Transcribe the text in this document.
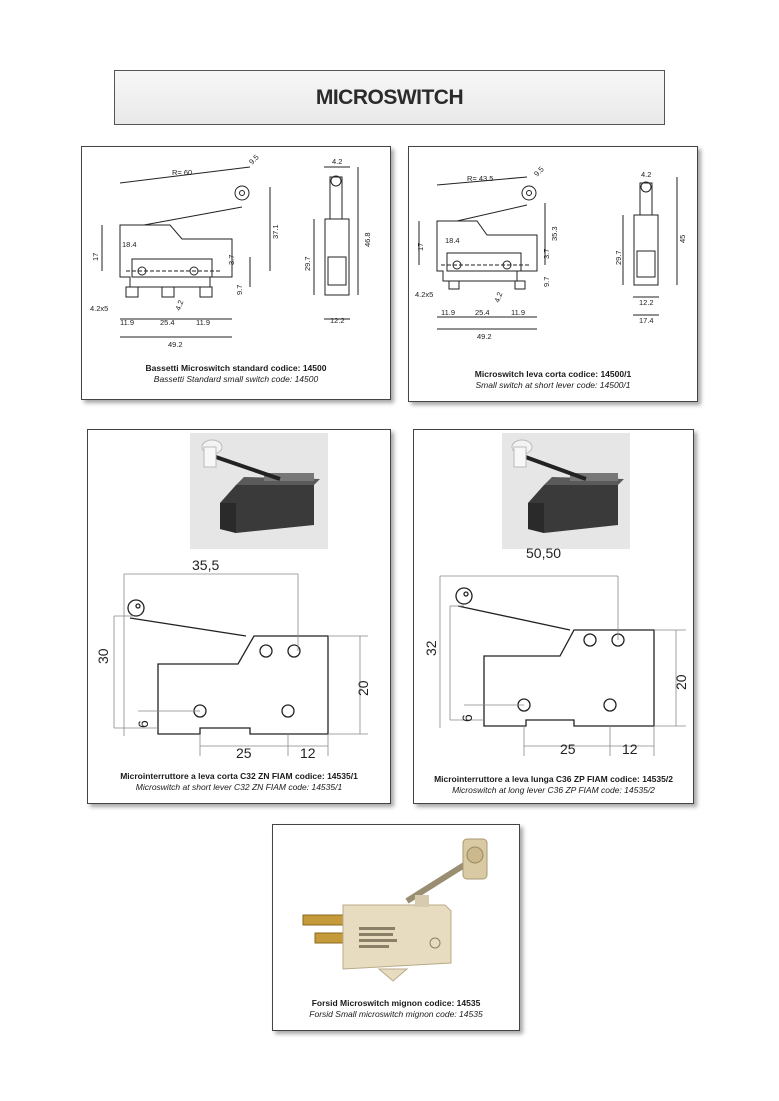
MICROSWITCH
R= 60
9.5	4.2
37.1
17
18.4
3.7	29.7
46.8
9.7
4.2x5	4.2
11.9	25.4	11.9	12.2
49.2
Bassetti Microswitch standard codice: 14500
Bassetti Standard small switch code: 14500
R= 43.5
9.5	4.2
35.3
17
18.4
3.7	29.7
45
9.7
4.2x5	4.2
11.9	25.4	11.9
12.2
17.4
49.2
Microswitch leva corta codice: 14500/1
Small switch at short lever code: 14500/1
35,5
30
20
6
25	12
Microinterruttore a leva corta C32 ZN FIAM codice: 14535/1
Microswitch at short lever C32 ZN FIAM code: 14535/1
50,50
32
20
6
25	12
Microinterruttore a leva lunga C36 ZP FIAM codice: 14535/2
Microswitch at long lever C36 ZP FIAM code: 14535/2
Forsid Microswitch mignon codice: 14535
Forsid Small microswitch mignon code: 14535
